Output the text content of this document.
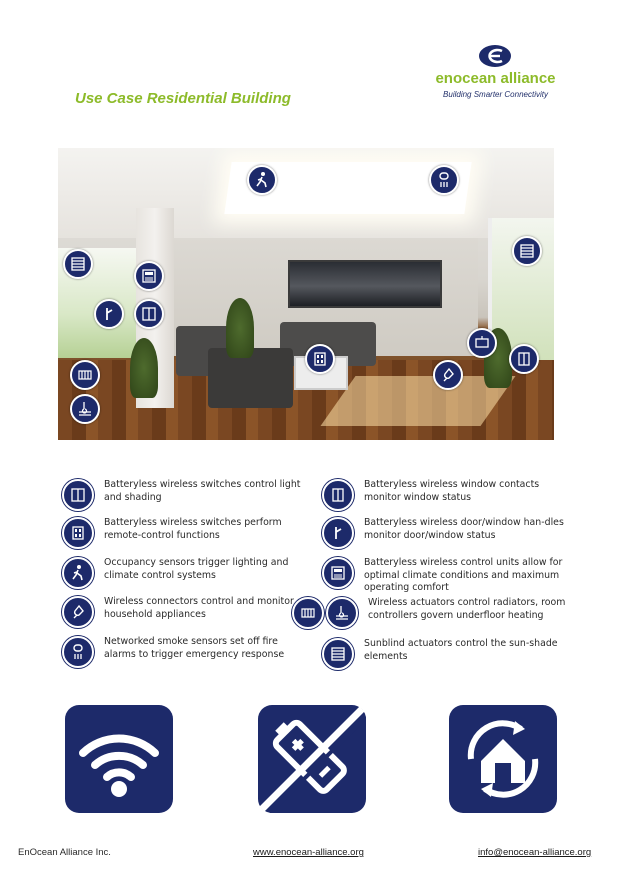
Use Case Residential Building
enocean alliance
Building Smarter Connectivity
Batteryless wireless switches control light and shading
Batteryless wireless window contacts monitor window status
Batteryless wireless switches perform remote-control functions
Batteryless wireless door/window han-dles monitor door/window status
Occupancy sensors trigger lighting and climate control systems
Batteryless wireless control units allow for optimal climate conditions and maximum operating comfort
Wireless connectors control and monitor household appliances
Wireless actuators control radiators, room controllers govern underfloor heating
Networked smoke sensors set off fire alarms to trigger emergency response
Sunblind actuators control the sun-shade elements
EnOcean Alliance Inc.	www.enocean-alliance.org	info@enocean-alliance.org
